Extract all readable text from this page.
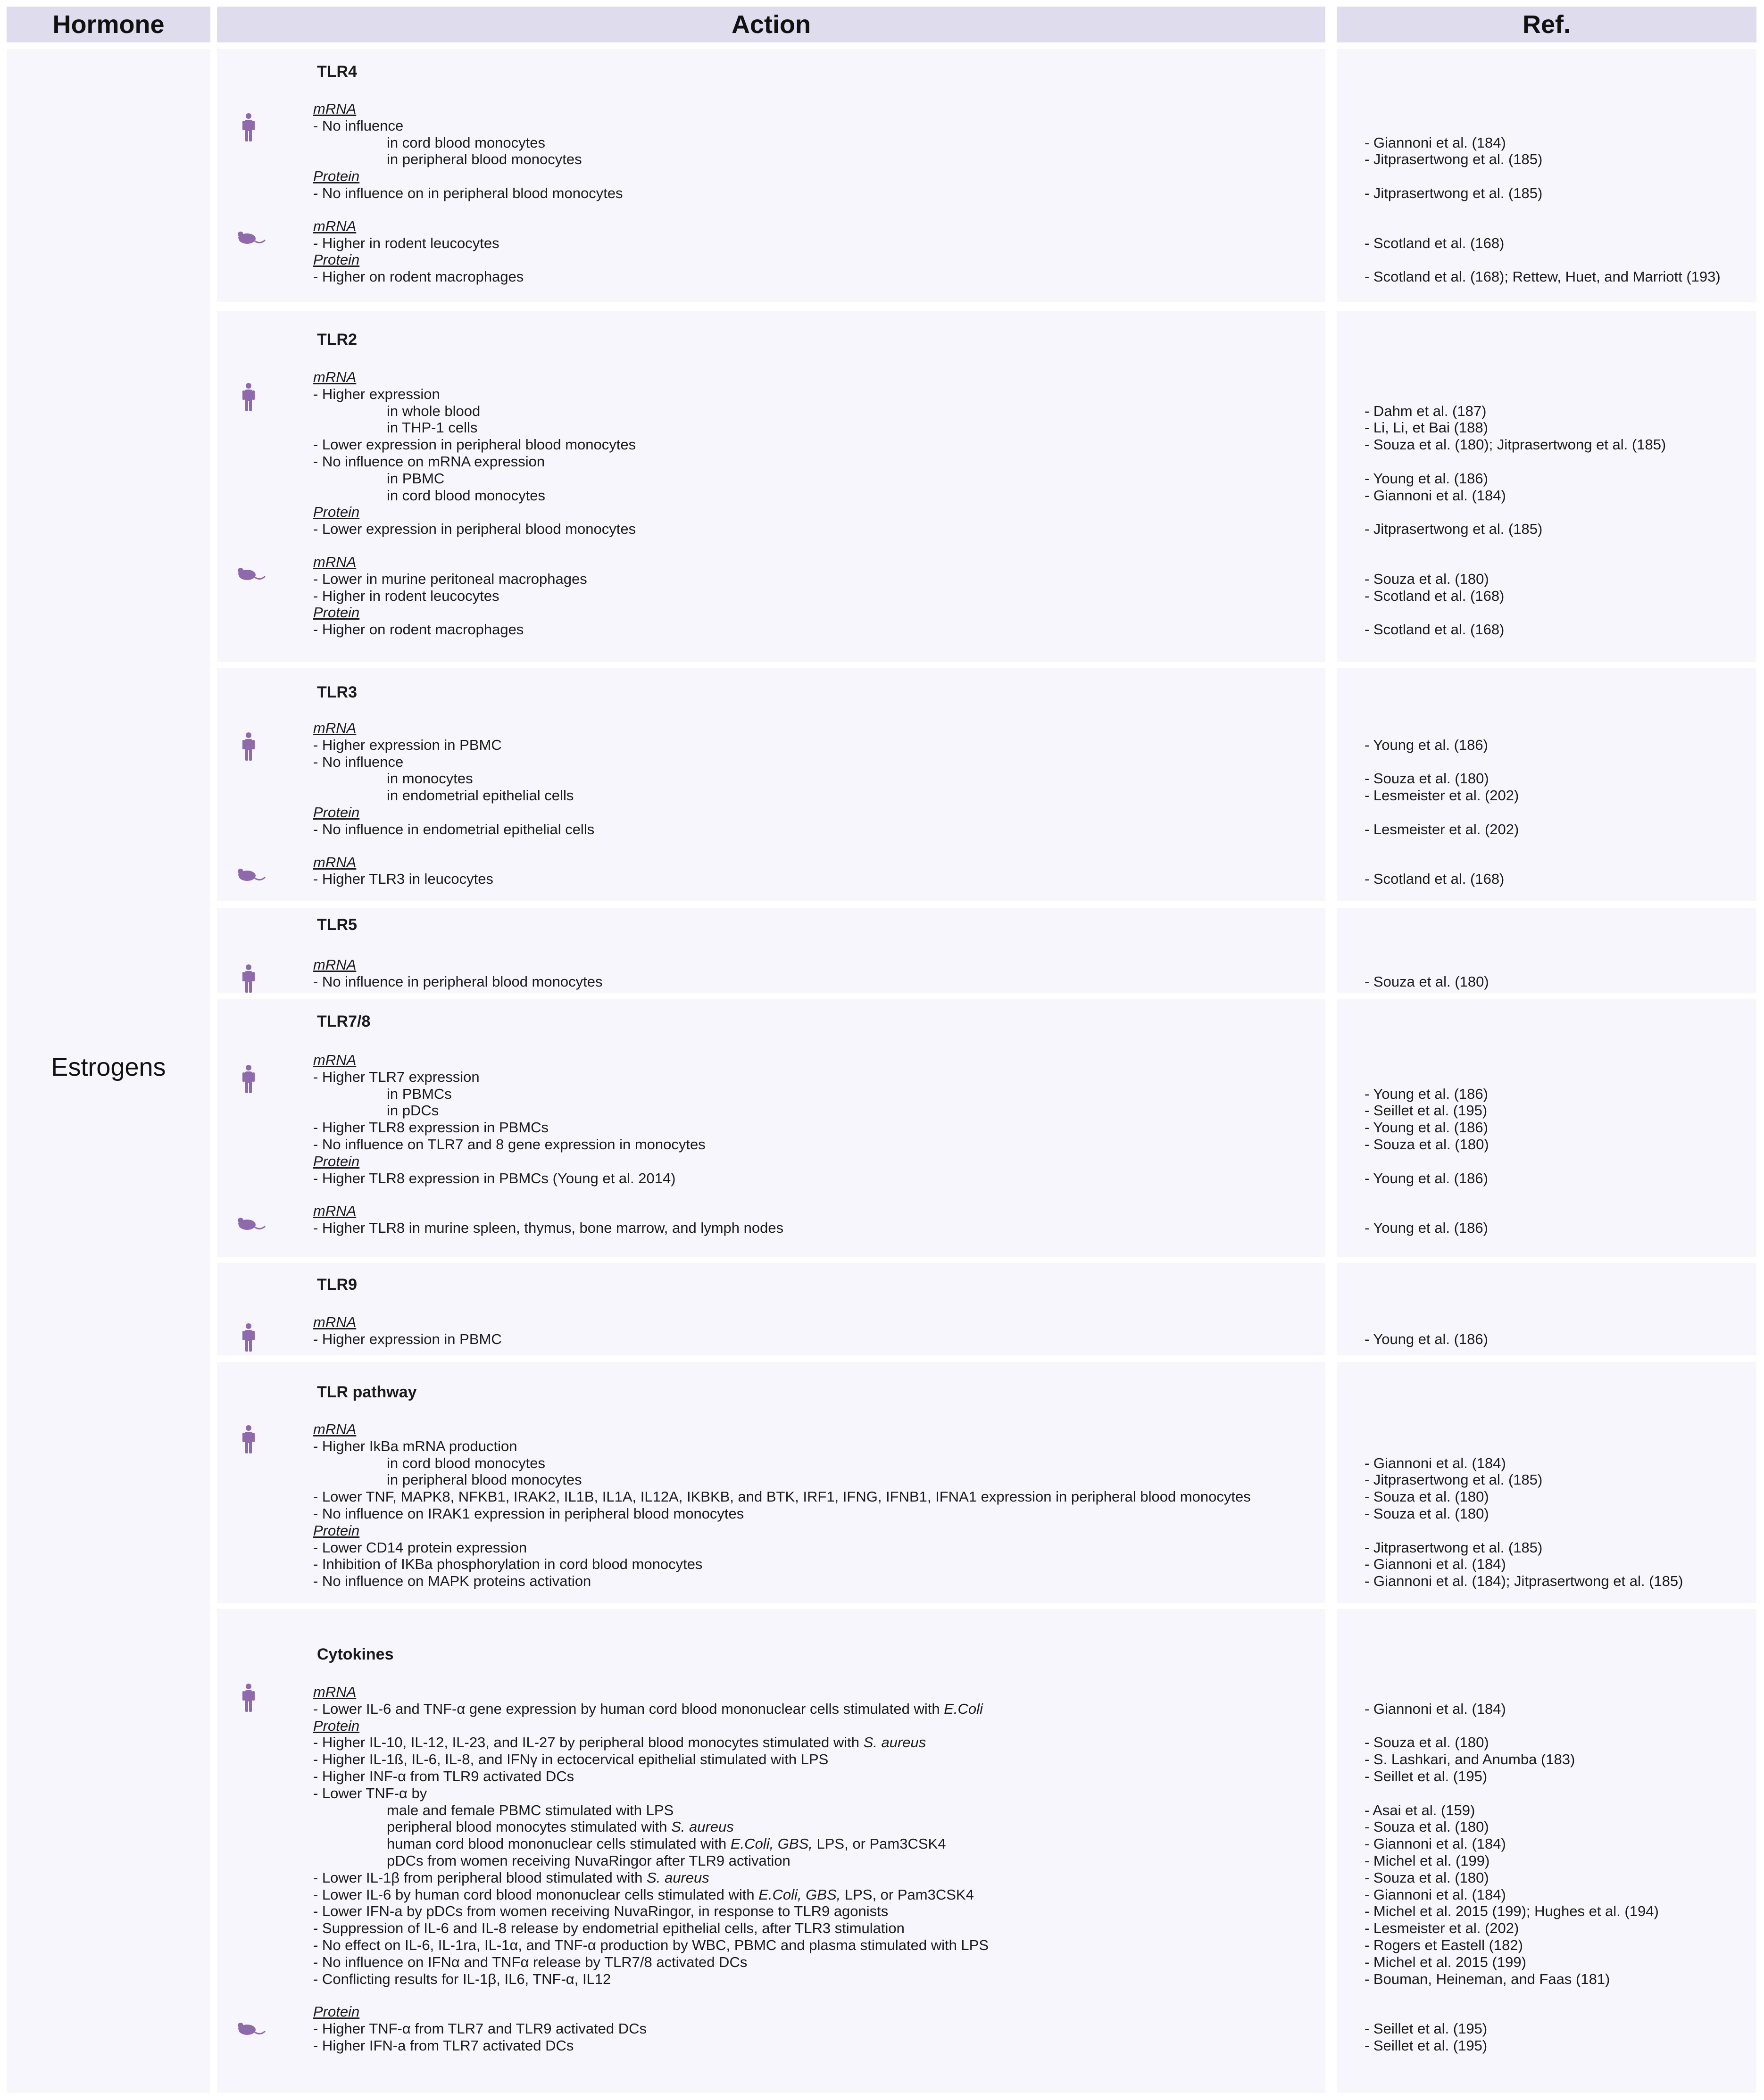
Hormone	Action	Ref.
Estrogens
TLR4
mRNA
- No influence
in cord blood monocytes	- Giannoni et al. (184)
in peripheral blood monocytes	- Jitprasertwong et al. (185)
Protein
- No influence on in peripheral blood monocytes	- Jitprasertwong et al. (185)
mRNA
- Higher in rodent leucocytes	- Scotland et al. (168)
Protein
- Higher on rodent macrophages	- Scotland et al. (168); Rettew, Huet, and Marriott (193)
TLR2
mRNA
- Higher expression
in whole blood	- Dahm et al. (187)
in THP-1 cells	- Li, Li, et Bai (188)
- Lower expression in peripheral blood monocytes	- Souza et al. (180); Jitprasertwong et al. (185)
- No influence on mRNA expression
in PBMC	- Young et al. (186)
in cord blood monocytes	- Giannoni et al. (184)
Protein
- Lower expression in peripheral blood monocytes	- Jitprasertwong et al. (185)
mRNA
- Lower in murine peritoneal macrophages	- Souza et al. (180)
- Higher in rodent leucocytes	- Scotland et al. (168)
Protein
- Higher on rodent macrophages	- Scotland et al. (168)
TLR3
mRNA
- Higher expression in PBMC	- Young et al. (186)
- No influence
in monocytes	- Souza et al. (180)
in endometrial epithelial cells	- Lesmeister et al. (202)
Protein
- No influence in endometrial epithelial cells	- Lesmeister et al. (202)
mRNA
- Higher TLR3 in leucocytes	- Scotland et al. (168)
TLR5
mRNA
- No influence in peripheral blood monocytes	- Souza et al. (180)
TLR7/8
mRNA
- Higher TLR7 expression
in PBMCs	- Young et al. (186)
in pDCs	- Seillet et al. (195)
- Higher TLR8 expression in PBMCs	- Young et al. (186)
- No influence on TLR7 and 8 gene expression in monocytes	- Souza et al. (180)
Protein
- Higher TLR8 expression in PBMCs (Young et al. 2014)	- Young et al. (186)
mRNA
- Higher TLR8 in murine spleen, thymus, bone marrow, and lymph nodes	- Young et al. (186)
TLR9
mRNA
- Higher expression in PBMC	- Young et al. (186)
TLR pathway
mRNA
- Higher IkBa mRNA production
in cord blood monocytes	- Giannoni et al. (184)
in peripheral blood monocytes	- Jitprasertwong et al. (185)
- Lower TNF, MAPK8, NFKB1, IRAK2, IL1B, IL1A, IL12A, IKBKB, and BTK, IRF1, IFNG, IFNB1, IFNA1 expression in peripheral blood monocytes	- Souza et al. (180)
- No influence on IRAK1 expression in peripheral blood monocytes	- Souza et al. (180)
Protein
- Lower CD14 protein expression	- Jitprasertwong et al. (185)
- Inhibition of IKBa phosphorylation in cord blood monocytes	- Giannoni et al. (184)
- No influence on MAPK proteins activation	- Giannoni et al. (184); Jitprasertwong et al. (185)
Cytokines
mRNA
- Lower IL-6 and TNF-α gene expression by human cord blood mononuclear cells stimulated with E.Coli	- Giannoni et al. (184)
Protein
- Higher IL-10, IL-12, IL-23, and IL-27 by peripheral blood monocytes stimulated with S. aureus	- Souza et al. (180)
- Higher IL-1ß, IL-6, IL-8, and IFNγ in ectocervical epithelial stimulated with LPS	- S. Lashkari, and Anumba (183)
- Higher INF-α from TLR9 activated DCs	- Seillet et al. (195)
- Lower TNF-α by
male and female PBMC stimulated with LPS	- Asai et al. (159)
peripheral blood monocytes stimulated with S. aureus	- Souza et al. (180)
human cord blood mononuclear cells stimulated with E.Coli, GBS, LPS, or Pam3CSK4	- Giannoni et al. (184)
pDCs from women receiving NuvaRingor after TLR9 activation	- Michel et al. (199)
- Lower IL-1β from peripheral blood stimulated with S. aureus	- Souza et al. (180)
- Lower IL-6 by human cord blood mononuclear cells stimulated with E.Coli, GBS, LPS, or Pam3CSK4	- Giannoni et al. (184)
- Lower IFN-a by pDCs from women receiving NuvaRingor, in response to TLR9 agonists	- Michel et al. 2015 (199); Hughes et al. (194)
- Suppression of IL-6 and IL-8 release by endometrial epithelial cells, after TLR3 stimulation	- Lesmeister et al. (202)
- No effect on IL-6, IL-1ra, IL-1α, and TNF-α production by WBC, PBMC and plasma stimulated with LPS	- Rogers et Eastell (182)
- No influence on IFNα and TNFα release by TLR7/8 activated DCs	- Michel et al. 2015 (199)
- Conflicting results for IL-1β, IL6, TNF-α, IL12	- Bouman, Heineman, and Faas (181)
Protein
- Higher TNF-α from TLR7 and TLR9 activated DCs	- Seillet et al. (195)
- Higher IFN-a from TLR7 activated DCs	- Seillet et al. (195)
